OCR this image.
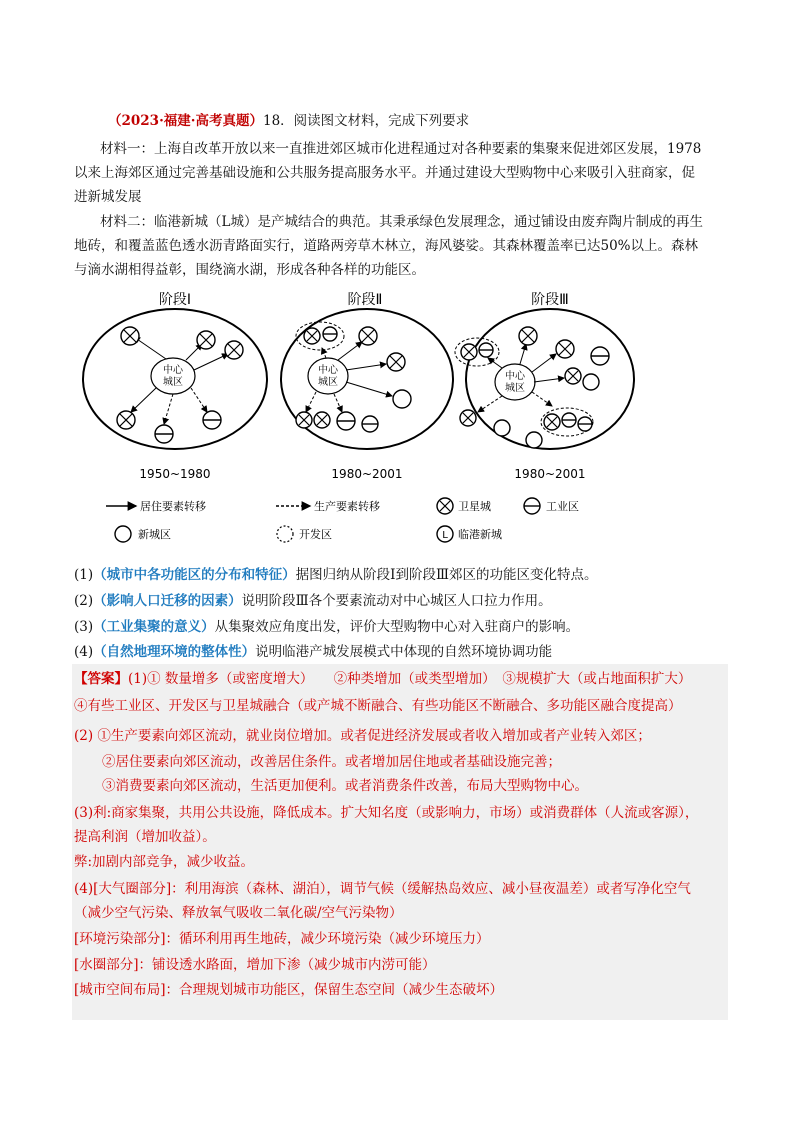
（2023·福建·高考真题）18．阅读图文材料，完成下列要求
材料一：上海自改革开放以来一直推进郊区城市化进程通过对各种要素的集聚来促进郊区发展，1978
以来上海郊区通过完善基础设施和公共服务提高服务水平。并通过建设大型购物中心来吸引入驻商家，促
进新城发展
材料二：临港新城（L城）是产城结合的典范。其秉承绿色发展理念，通过铺设由废弃陶片制成的再生
地砖，和覆盖蓝色透水沥青路面实行，道路两旁草木林立，海风婆娑。其森林覆盖率已达50%以上。森林
与滴水湖相得益彰，围绕滴水湖，形成各种各样的功能区。
阶段Ⅰ
中心
城区
1950~1980
阶段Ⅱ
中心
城区
1980~2001
阶段Ⅲ
中心
城区
1980~2001
居住要素转移	生产要素转移	卫星城	工业区
新城区	开发区	L 临港新城
(1)（城市中各功能区的分布和特征）据图归纳从阶段Ⅰ到阶段Ⅲ郊区的功能区变化特点。
(2)（影响人口迁移的因素）说明阶段Ⅲ各个要素流动对中心城区人口拉力作用。
(3)（工业集聚的意义）从集聚效应角度出发，评价大型购物中心对入驻商户的影响。
(4)（自然地理环境的整体性）说明临港产城发展模式中体现的自然环境协调功能
【答案】(1)① 数量增多（或密度增大）　　②种类增加（或类型增加）　③规模扩大（或占地面积扩大）
④有些工业区、开发区与卫星城融合（或产城不断融合、有些功能区不断融合、多功能区融合度提高）
(2) ①生产要素向郊区流动，就业岗位增加。或者促进经济发展或者收入增加或者产业转入郊区；
②居住要素向郊区流动，改善居住条件。或者增加居住地或者基础设施完善；
③消费要素向郊区流动，生活更加便利。或者消费条件改善，布局大型购物中心。
(3)利:商家集聚，共用公共设施，降低成本。扩大知名度（或影响力，市场）或消费群体（人流或客源），
提高利润（增加收益）。
弊:加剧内部竞争，减少收益。
(4)[大气圈部分]：利用海滨（森林、湖泊），调节气候（缓解热岛效应、减小昼夜温差）或者写净化空气
（减少空气污染、释放氧气吸收二氧化碳/空气污染物）
[环境污染部分]：循环利用再生地砖，减少环境污染（减少环境压力）
[水圈部分]：铺设透水路面，增加下渗（减少城市内涝可能）
[城市空间布局]：合理规划城市功能区，保留生态空间（减少生态破坏）
